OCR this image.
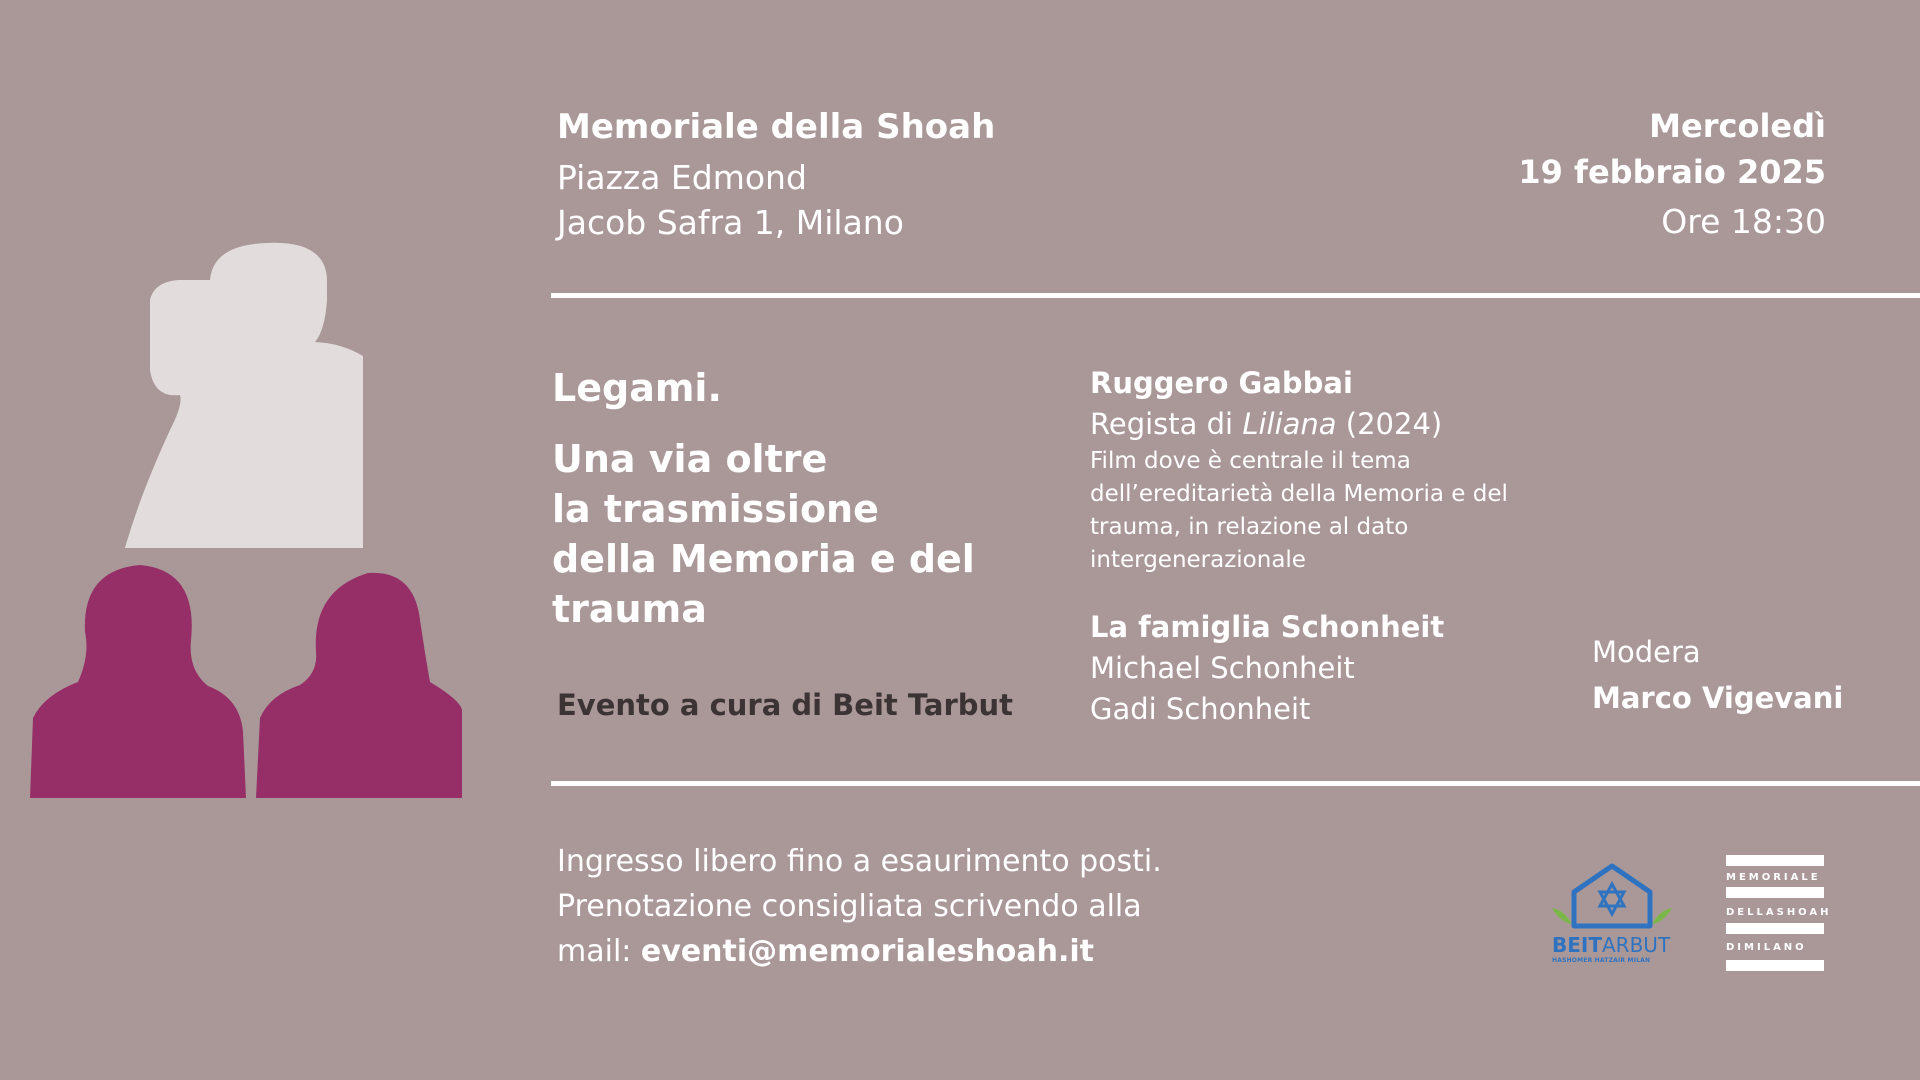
Memoriale della Shoah
Piazza Edmond
Jacob Safra 1, Milano
Mercoledì
19 febbraio 2025
Ore 18:30
Legami.
Una via oltre
la trasmissione
della Memoria e del
trauma
Evento a cura di Beit Tarbut
Ruggero Gabbai
Regista di Liliana (2024)
Film dove è centrale il tema
dell’ereditarietà della Memoria e del
trauma, in relazione al dato
intergenerazionale
La famiglia Schonheit
Michael Schonheit
Gadi Schonheit
Modera
Marco Vigevani
Ingresso libero fino a esaurimento posti.
Prenotazione consigliata scrivendo alla
mail: eventi@memorialeshoah.it	BEITARBUT
HASHOMER HATZAIR MILAN
MEMORIALE
DELLASHOAH
DIMILANO
